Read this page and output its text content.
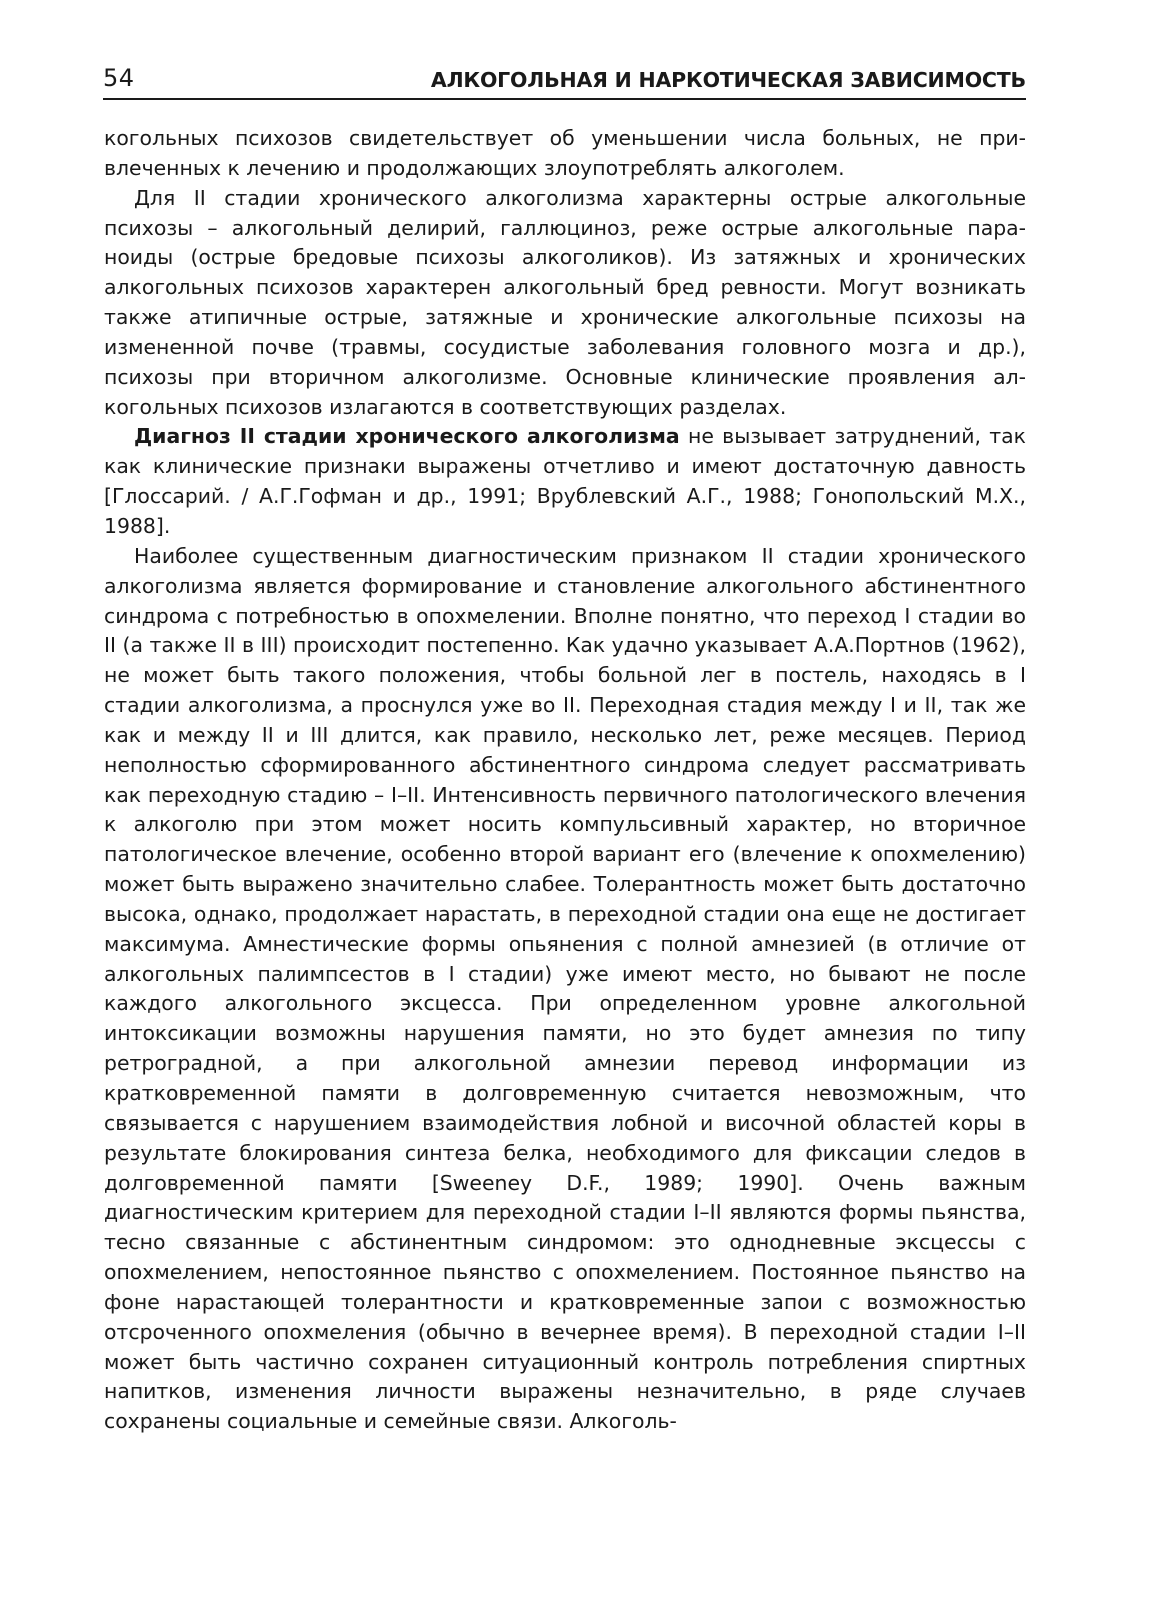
54	АЛКОГОЛЬНАЯ И НАРКОТИЧЕСКАЯ ЗАВИСИМОСТЬ

когольных психозов свидетельствует об уменьшении числа больных, не привлеченных к лечению и продолжающих злоупотреблять алкоголем.

Для II стадии хронического алкоголизма характерны острые алкогольные психозы – алкогольный делирий, галлюциноз, реже острые алкогольные параноиды (острые бредовые психозы алкоголиков). Из затяжных и хронических алкогольных психозов характерен алкогольный бред ревности. Могут возникать также атипичные острые, затяжные и хронические алкогольные психозы на измененной почве (травмы, сосудистые заболевания головного мозга и др.), психозы при вторичном алкоголизме. Основные клинические проявления алкогольных психозов излагаются в соответствующих разделах.

Диагноз II стадии хронического алкоголизма не вызывает затруднений, так как клинические признаки выражены отчетливо и имеют достаточную давность [Глоссарий. / А.Г.Гофман и др., 1991; Врублевский А.Г., 1988; Гонопольский М.Х., 1988].

Наиболее существенным диагностическим признаком II стадии хронического алкоголизма является формирование и становление алкогольного абстинентного синдрома с потребностью в опохмелении. Вполне понятно, что переход I стадии во II (а также II в III) происходит постепенно. Как удачно указывает А.А.Портнов (1962), не может быть такого положения, чтобы больной лег в постель, находясь в I стадии алкоголизма, а проснулся уже во II. Переходная стадия между I и II, так же как и между II и III длится, как правило, несколько лет, реже месяцев. Период неполностью сформированного абстинентного синдрома следует рассматривать как переходную стадию – I–II. Интенсивность первичного патологического влечения к алкоголю при этом может носить компульсивный характер, но вторичное патологическое влечение, особенно второй вариант его (влечение к опохмелению) может быть выражено значительно слабее. Толерантность может быть достаточно высока, однако, продолжает нарастать, в переходной стадии она еще не достигает максимума. Амнестические формы опьянения с полной амнезией (в отличие от алкогольных палимпсестов в I стадии) уже имеют место, но бывают не после каждого алкогольного эксцесса. При определенном уровне алкогольной интоксикации возможны нарушения памяти, но это будет амнезия по типу ретроградной, а при алкогольной амнезии перевод информации из кратковременной памяти в долговременную считается невозможным, что связывается с нарушением взаимодействия лобной и височной областей коры в результате блокирования синтеза белка, необходимого для фиксации следов в долговременной памяти [Sweeney D.F., 1989; 1990]. Очень важным диагностическим критерием для переходной стадии I–II являются формы пьянства, тесно связанные с абстинентным синдромом: это однодневные эксцессы с опохмелением, непостоянное пьянство с опохмелением. Постоянное пьянство на фоне нарастающей толерантности и кратковременные запои с возможностью отсроченного опохмеления (обычно в вечернее время). В переходной стадии I–II может быть частично сохранен ситуационный контроль потребления спиртных напитков, изменения личности выражены незначительно, в ряде случаев сохранены социальные и семейные связи. Алкоголь-
